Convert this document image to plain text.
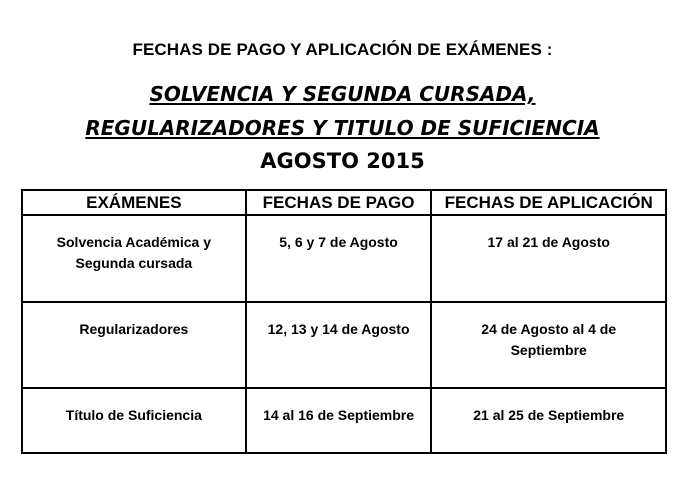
FECHAS DE PAGO Y APLICACIÓN DE EXÁMENES :
SOLVENCIA Y SEGUNDA CURSADA,
REGULARIZADORES Y TITULO DE SUFICIENCIA
AGOSTO 2015
EXÁMENES	FECHAS DE PAGO	FECHAS DE APLICACIÓN

Solvencia Académica y
Segunda cursada	5, 6 y 7 de Agosto	17 al 21 de Agosto

Regularizadores	12, 13 y 14 de Agosto	24 de Agosto al 4 de
Septiembre

Título de Suficiencia	14 al 16 de Septiembre	21 al 25 de Septiembre
